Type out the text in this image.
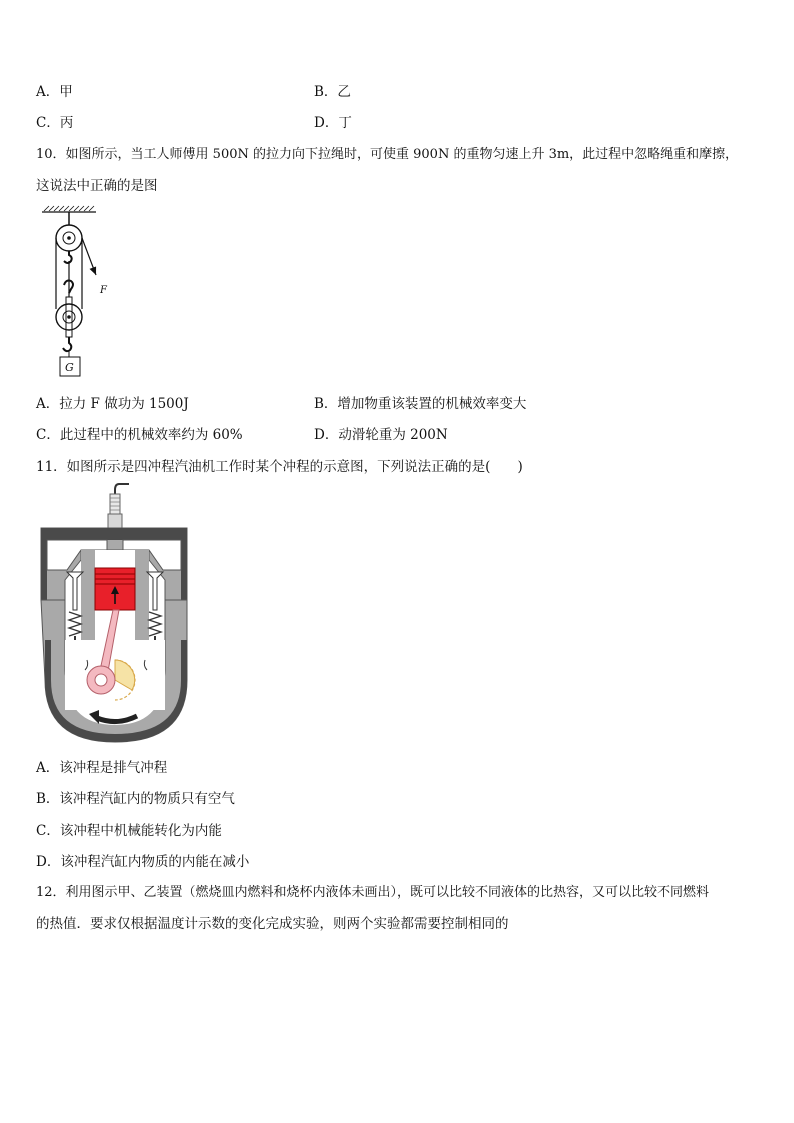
A．甲	B．乙
C．丙	D．丁
10．如图所示，当工人师傅用 500N 的拉力向下拉绳时，可使重 900N 的重物匀速上升 3m，此过程中忽略绳重和摩擦，
这说法中正确的是图
F
G
A．拉力 F 做功为 1500J	B．增加物重该装置的机械效率变大
C．此过程中的机械效率约为 60%	D．动滑轮重为 200N
11．如图所示是四冲程汽油机工作时某个冲程的示意图，下列说法正确的是(　　)
A．该冲程是排气冲程
B．该冲程汽缸内的物质只有空气
C．该冲程中机械能转化为内能
D．该冲程汽缸内物质的内能在减小
12．利用图示甲、乙装置（燃烧皿内燃料和烧杯内液体未画出），既可以比较不同液体的比热容，又可以比较不同燃料
的热值．要求仅根据温度计示数的变化完成实验，则两个实验都需要控制相同的
